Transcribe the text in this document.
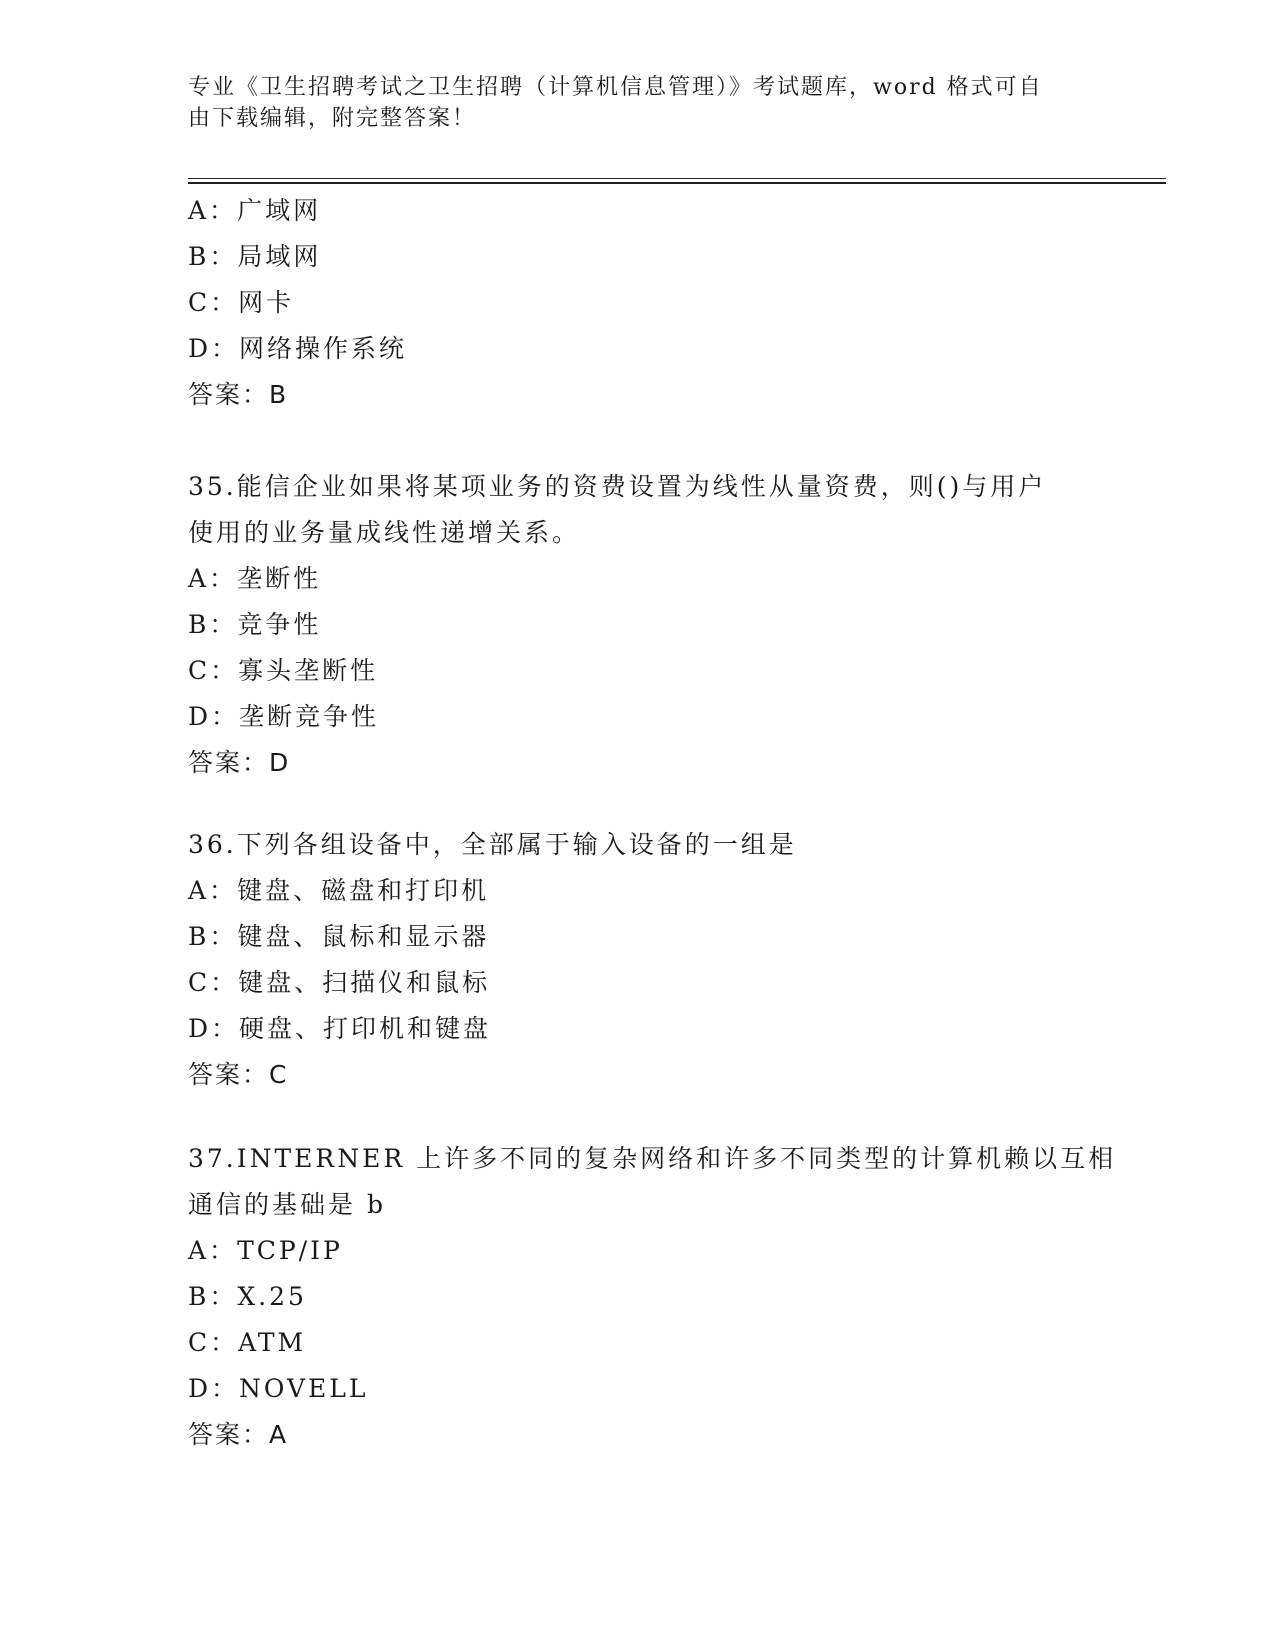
专业《卫生招聘考试之卫生招聘（计算机信息管理）》考试题库，word 格式可自
由下载编辑，附完整答案！
A：广域网
B：局域网
C：网卡
D：网络操作系统
答案：B
35.能信企业如果将某项业务的资费设置为线性从量资费，则()与用户
使用的业务量成线性递增关系。
A：垄断性
B：竞争性
C：寡头垄断性
D：垄断竞争性
答案：D
36.下列各组设备中，全部属于输入设备的一组是
A：键盘、磁盘和打印机
B：键盘、鼠标和显示器
C：键盘、扫描仪和鼠标
D：硬盘、打印机和键盘
答案：C
37.INTERNER 上许多不同的复杂网络和许多不同类型的计算机赖以互相
通信的基础是 b
A：TCP/IP
B：X.25
C：ATM
D：NOVELL
答案：A
